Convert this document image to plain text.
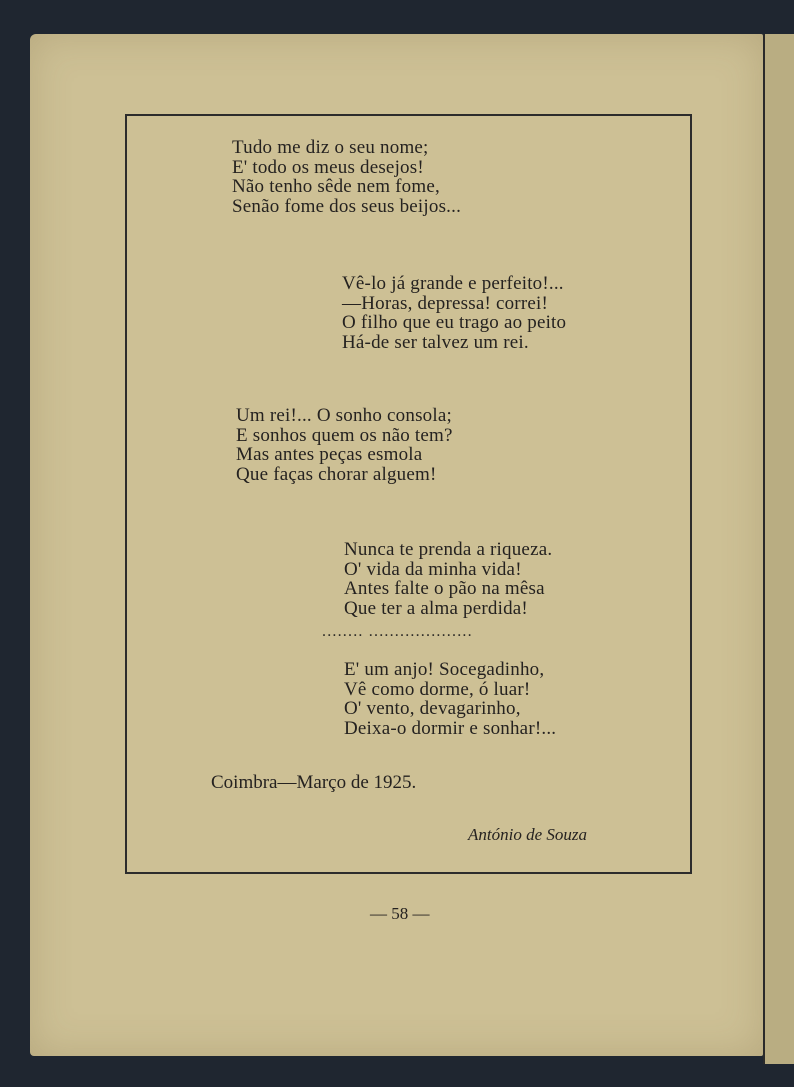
Tudo me diz o seu nome;
E' todo os meus desejos!
Não tenho sêde nem fome,
Senão fome dos seus beijos...
Vê-lo já grande e perfeito!...
—Horas, depressa! correi!
O filho que eu trago ao peito
Há-de ser talvez um rei.
Um rei!... O sonho consola;
E sonhos quem os não tem?
Mas antes peças esmola
Que faças chorar alguem!
Nunca te prenda a riqueza.
O' vida da minha vida!
Antes falte o pão na mêsa
Que ter a alma perdida!
........ ....................
E' um anjo! Socegadinho,
Vê como dorme, ó luar!
O' vento, devagarinho,
Deixa-o dormir e sonhar!...
Coimbra—Março de 1925.
António de Souza
— 58 —
